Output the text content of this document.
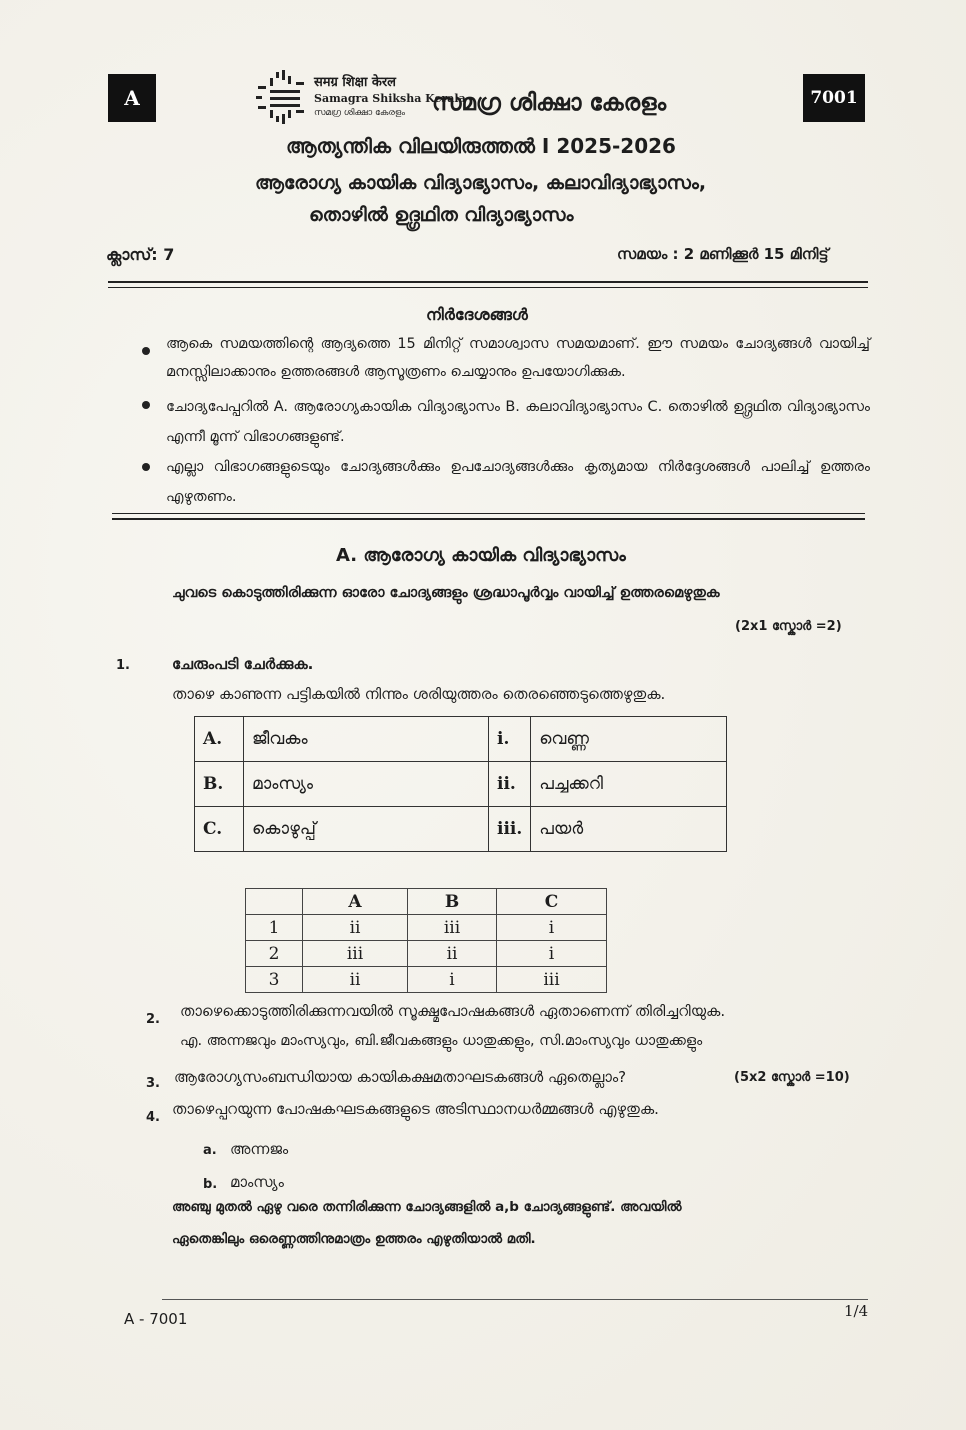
A	7001
समग्र शिक्षा केरल
Samagra Shiksha Kerala
സമഗ്ര ശിക്ഷാ കേരളം സമഗ്ര ശിക്ഷാ കേരളം
ആത്യന്തിക വിലയിരുത്തൽ I 2025-2026
ആരോഗ്യ കായിക വിദ്യാഭ്യാസം, കലാവിദ്യാഭ്യാസം,
തൊഴിൽ ഉദ്ഗ്രഥിത വിദ്യാഭ്യാസം
ക്ലാസ്: 7	സമയം : 2 മണിക്കൂർ 15 മിനിട്ട്
നിർദേശങ്ങൾ
ആകെ സമയത്തിന്റെ ആദ്യത്തെ 15 മിനിറ്റ് സമാശ്വാസ സമയമാണ്. ഈ സമയം ചോദ്യങ്ങൾ വായിച്ച് മനസ്സിലാക്കാനും ഉത്തരങ്ങൾ ആസൂത്രണം ചെയ്യാനും ഉപയോഗിക്കുക.
ചോദ്യപേപ്പറിൽ A. ആരോഗ്യകായിക വിദ്യാഭ്യാസം B. കലാവിദ്യാഭ്യാസം C. തൊഴിൽ ഉദ്ഗ്രഥിത വിദ്യാഭ്യാസം എന്നീ മൂന്ന് വിഭാഗങ്ങളുണ്ട്.
എല്ലാ വിഭാഗങ്ങളുടെയും ചോദ്യങ്ങൾക്കും ഉപചോദ്യങ്ങൾക്കും കൃത്യമായ നിർദ്ദേശങ്ങൾ പാലിച്ച് ഉത്തരം എഴുതണം.
A. ആരോഗ്യ കായിക വിദ്യാഭ്യാസം
ചുവടെ കൊടുത്തിരിക്കുന്ന ഓരോ ചോദ്യങ്ങളും ശ്രദ്ധാപൂർവ്വം വായിച്ച് ഉത്തരമെഴുതുക
(2x1 സ്കോർ =2)
1.	ചേരുംപടി ചേർക്കുക.
താഴെ കാണുന്ന പട്ടികയിൽ നിന്നും ശരിയുത്തരം തെരഞ്ഞെടുത്തെഴുതുക.
A.	ജീവകം	i.	വെണ്ണ
B.	മാംസ്യം	ii.	പച്ചക്കറി
C.	കൊഴുപ്പ്	iii.	പയർ
	A	B	C
1	ii	iii	i
2	iii	ii	i
3	ii	i	iii
2. താഴെക്കൊടുത്തിരിക്കുന്നവയിൽ സൂക്ഷ്മപോഷകങ്ങൾ ഏതാണെന്ന് തിരിച്ചറിയുക.
എ. അന്നജവും മാംസ്യവും, ബി.ജീവകങ്ങളും ധാതുക്കളും, സി.മാംസ്യവും ധാതുക്കളും
3. ആരോഗ്യസംബന്ധിയായ കായികക്ഷമതാഘടകങ്ങൾ ഏതെല്ലാം?	(5x2 സ്കോർ =10)
4. താഴെപ്പറയുന്ന പോഷകഘടകങ്ങളുടെ അടിസ്ഥാനധർമ്മങ്ങൾ എഴുതുക.
a. അന്നജം
b. മാംസ്യം
അഞ്ചു മുതൽ ഏഴു വരെ തന്നിരിക്കുന്ന ചോദ്യങ്ങളിൽ a,b ചോദ്യങ്ങളുണ്ട്. അവയിൽ
ഏതെങ്കിലും ഒരെണ്ണത്തിനുമാത്രം ഉത്തരം എഴുതിയാൽ മതി.
A - 7001	1/4
